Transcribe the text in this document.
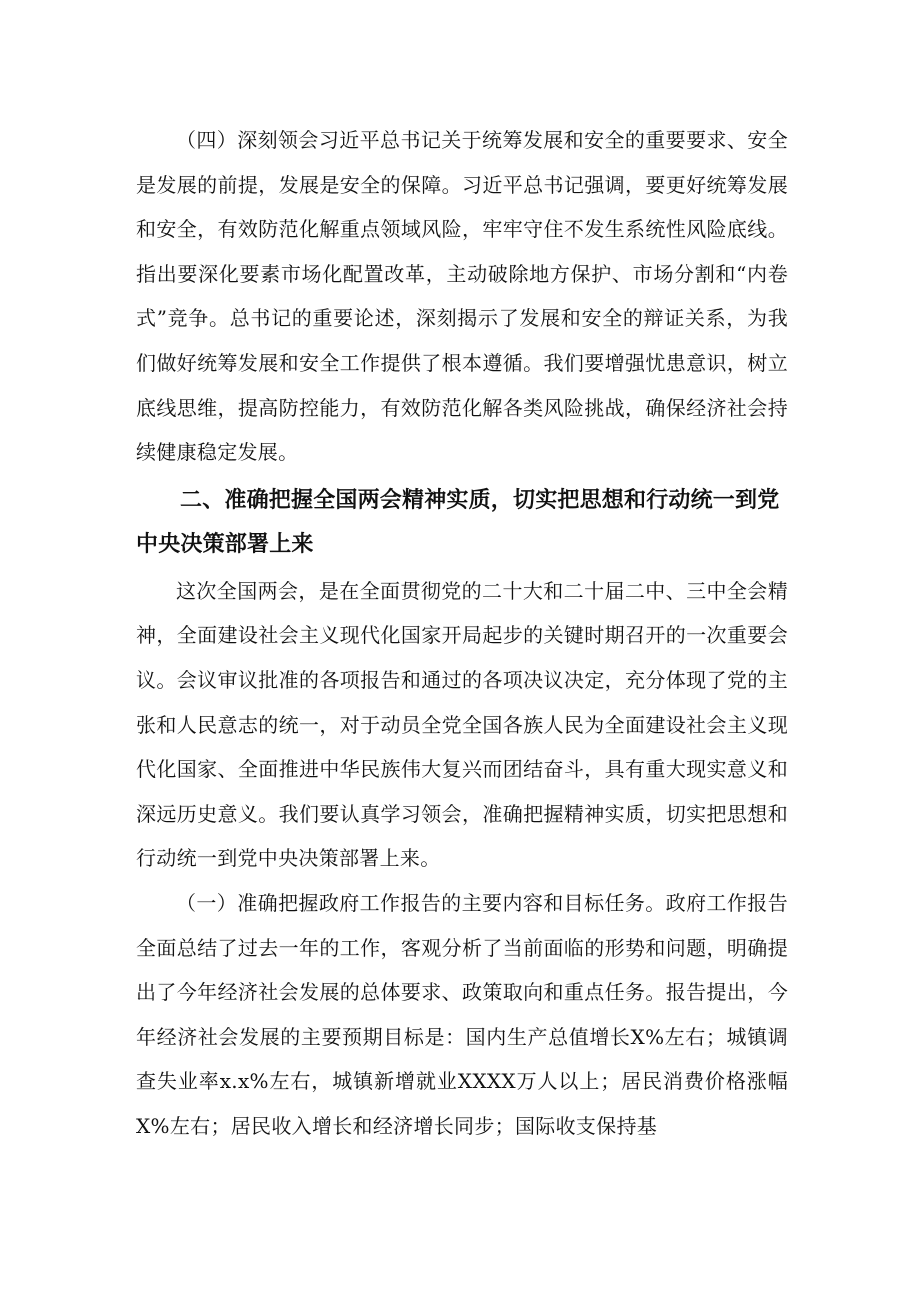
（四）深刻领会习近平总书记关于统筹发展和安全的重要要求、安全是发展的前提，发展是安全的保障。习近平总书记强调，要更好统筹发展和安全，有效防范化解重点领域风险，牢牢守住不发生系统性风险底线。指出要深化要素市场化配置改革，主动破除地方保护、市场分割和“内卷式”竞争。总书记的重要论述，深刻揭示了发展和安全的辩证关系，为我们做好统筹发展和安全工作提供了根本遵循。我们要增强忧患意识，树立底线思维，提高防控能力，有效防范化解各类风险挑战，确保经济社会持续健康稳定发展。

二、准确把握全国两会精神实质，切实把思想和行动统一到党中央决策部署上来

这次全国两会，是在全面贯彻党的二十大和二十届二中、三中全会精神，全面建设社会主义现代化国家开局起步的关键时期召开的一次重要会议。会议审议批准的各项报告和通过的各项决议决定，充分体现了党的主张和人民意志的统一，对于动员全党全国各族人民为全面建设社会主义现代化国家、全面推进中华民族伟大复兴而团结奋斗，具有重大现实意义和深远历史意义。我们要认真学习领会，准确把握精神实质，切实把思想和行动统一到党中央决策部署上来。

（一）准确把握政府工作报告的主要内容和目标任务。政府工作报告全面总结了过去一年的工作，客观分析了当前面临的形势和问题，明确提出了今年经济社会发展的总体要求、政策取向和重点任务。报告提出，今年经济社会发展的主要预期目标是：国内生产总值增长X%左右；城镇调查失业率x.x%左右，城镇新增就业XXXX万人以上；居民消费价格涨幅X%左右；居民收入增长和经济增长同步；国际收支保持基
